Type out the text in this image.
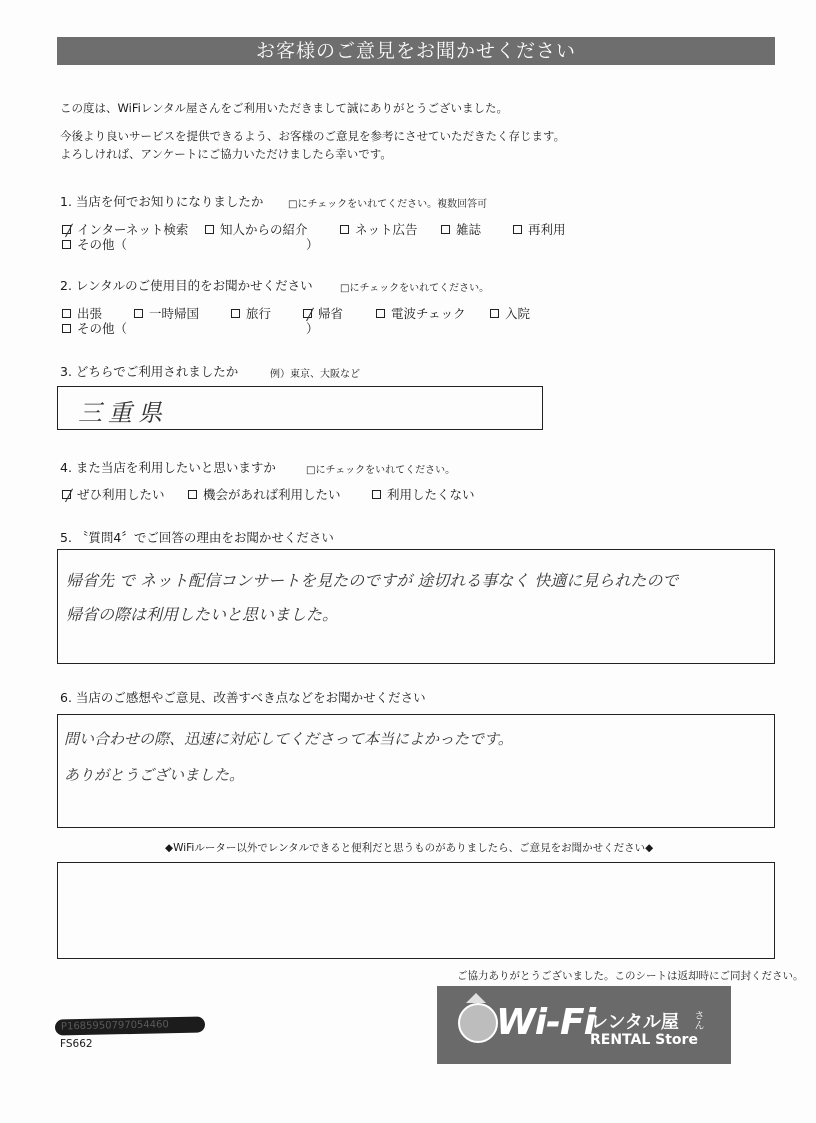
お客様のご意見をお聞かせください
この度は、WiFiレンタル屋さんをご利用いただきまして誠にありがとうございました。
今後より良いサービスを提供できるよう、お客様のご意見を参考にさせていただきたく存じます。
よろしければ、アンケートにご協力いただけましたら幸いです。
1. 当店を何でお知りになりましたか □にチェックをいれてください。複数回答可
インターネット検索	知人からの紹介	ネット広告	雑誌	再利用
その他（	）
2. レンタルのご使用目的をお聞かせください	□にチェックをいれてください。
出張	一時帰国	旅行	帰省	電波チェック	入院
その他（	）
3. どちらでご利用されましたか	例）東京、大阪など
三重県
4. また当店を利用したいと思いますか	□にチェックをいれてください。
ぜひ利用したい	機会があれば利用したい	利用したくない
5. 〝質問4〞でご回答の理由をお聞かせください
帰省先 で ネット配信コンサートを見たのですが 途切れる事なく 快適に見られたので
帰省の際は利用したいと思いました。
6. 当店のご感想やご意見、改善すべき点などをお聞かせください
問い合わせの際、迅速に対応してくださって本当によかったです。
ありがとうございました。
◆WiFiルーター以外でレンタルできると便利だと思うものがありましたら、ご意見をお聞かせください◆
ご協力ありがとうございました。このシートは返却時にご同封ください。
P1685950797054460
FS662
Wi-Fi
レンタル屋 さん
RENTAL Store
